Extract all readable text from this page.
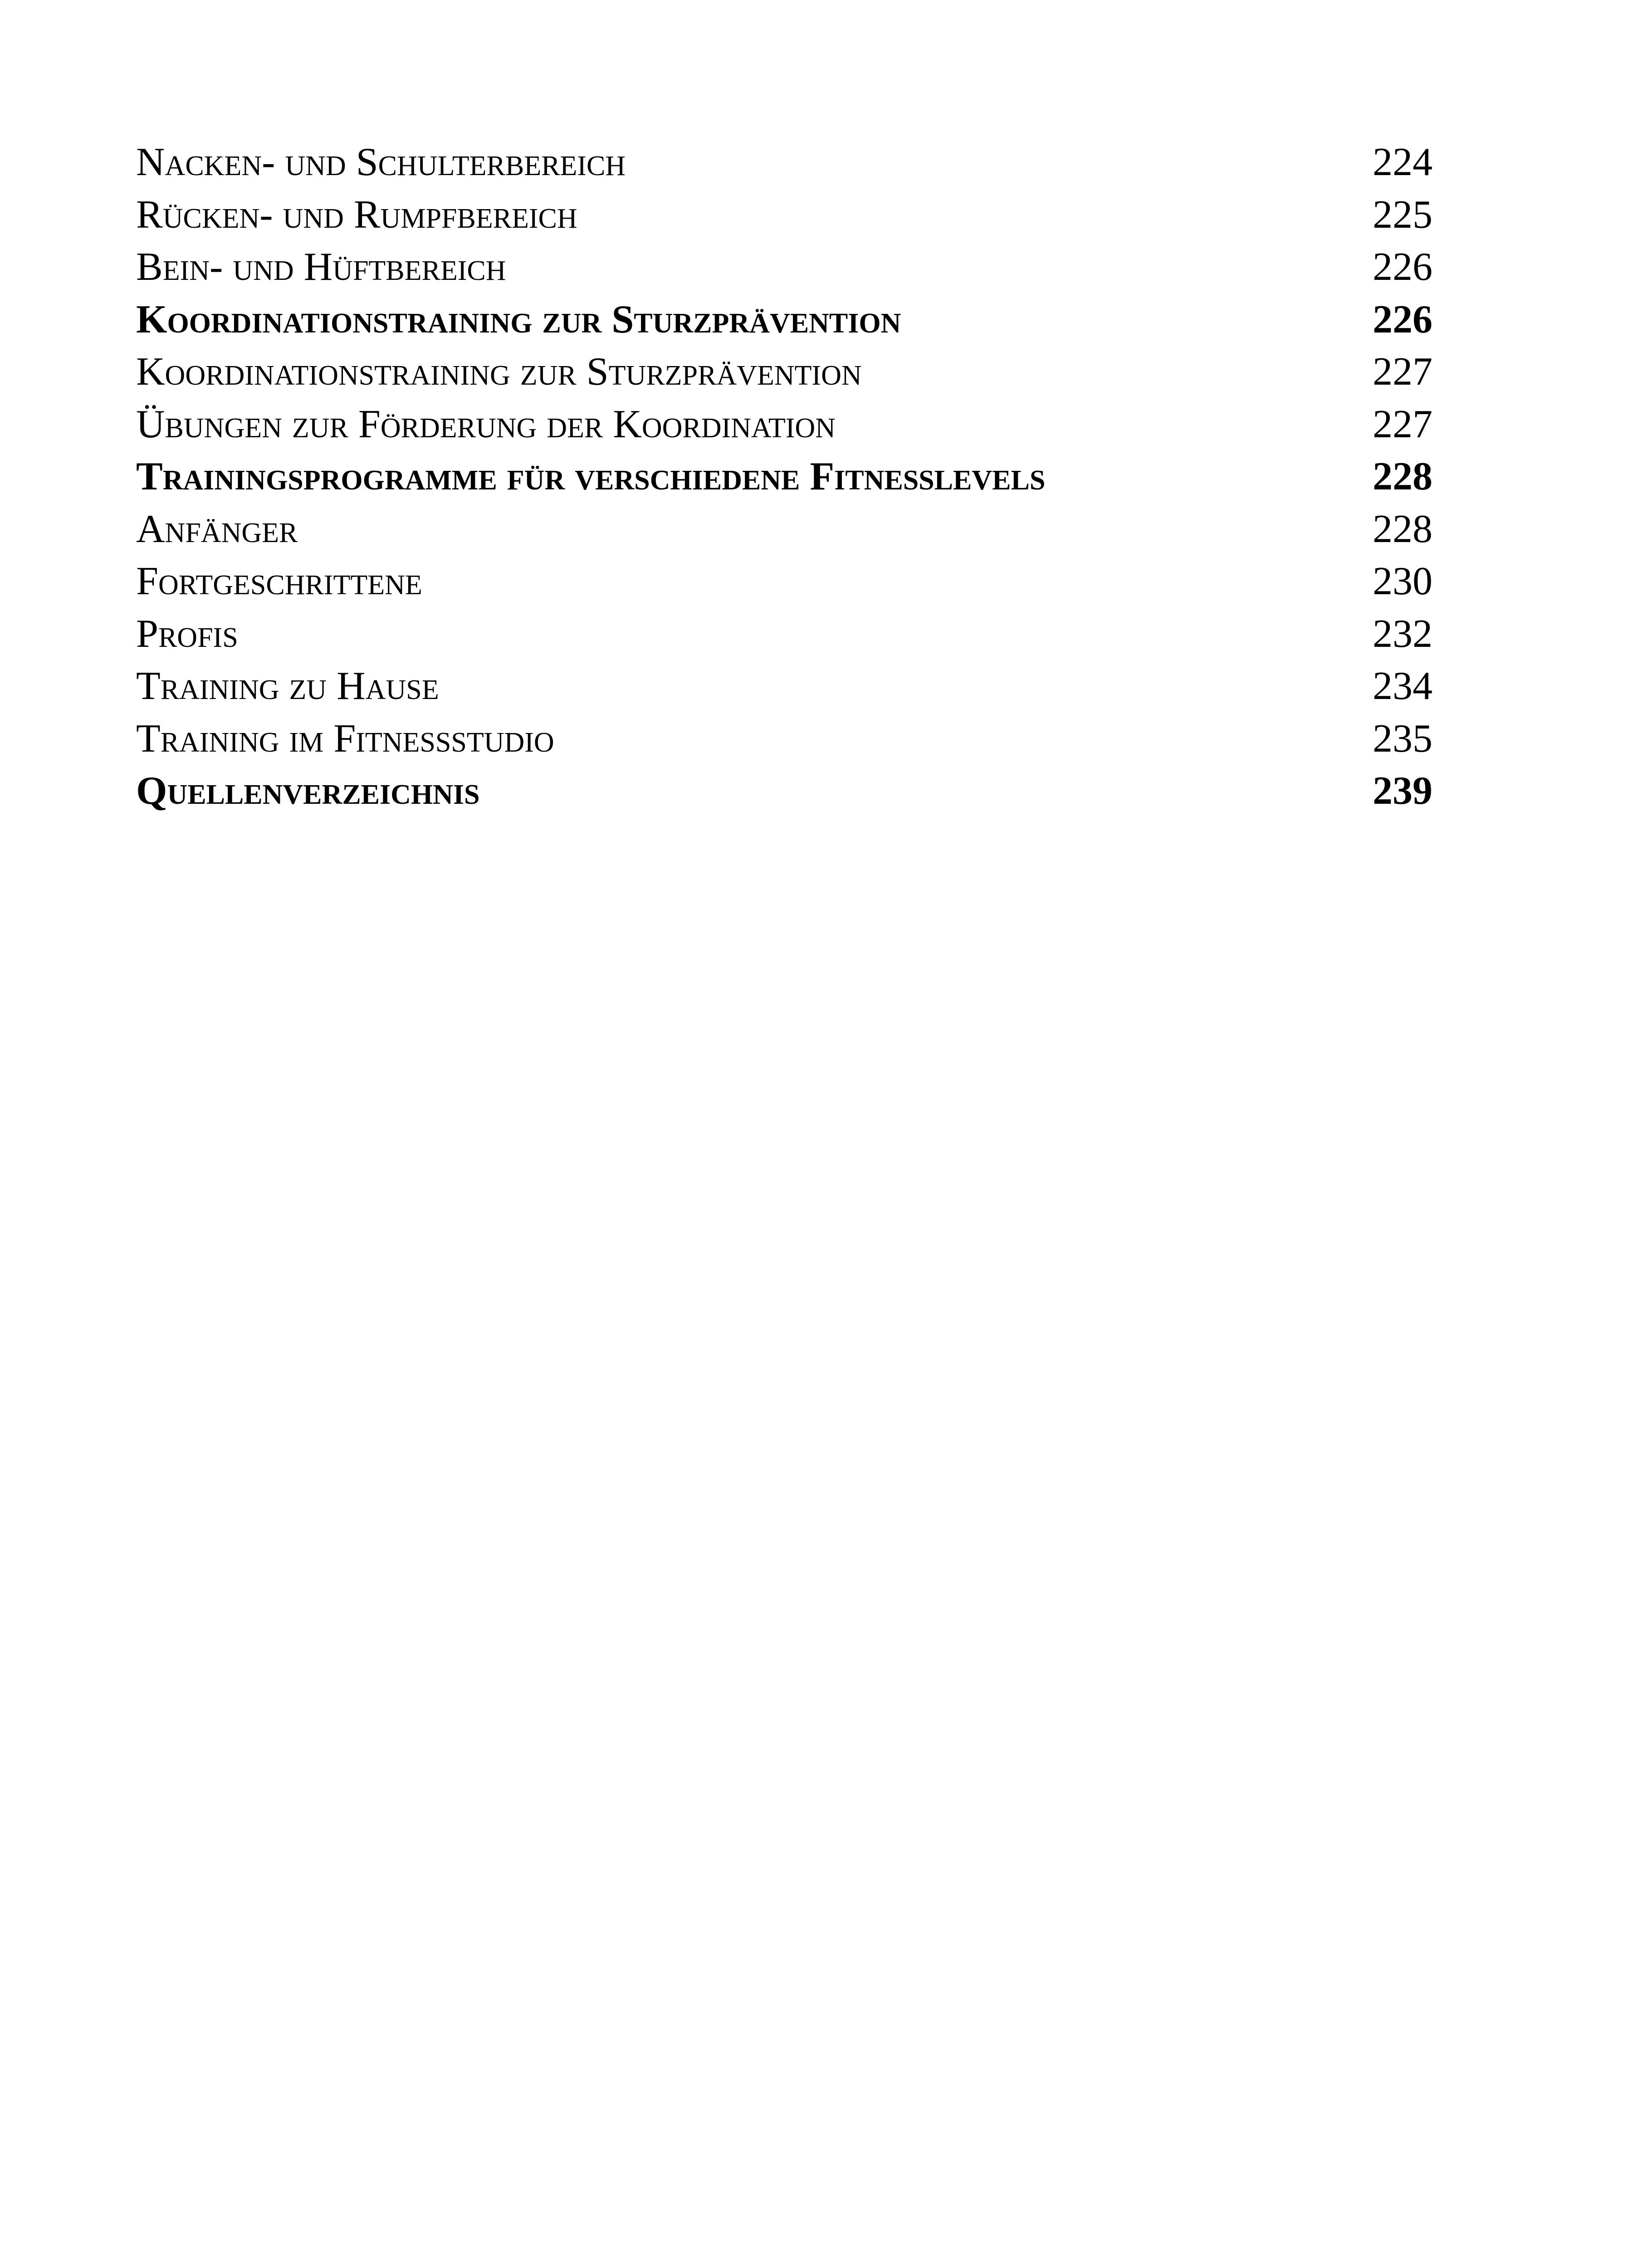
Nacken- und Schulterbereich	224
Rücken- und Rumpfbereich	225
Bein- und Hüftbereich	226
Koordinationstraining zur Sturzprävention	226
Koordinationstraining zur Sturzprävention	227
Übungen zur Förderung der Koordination	227
Trainingsprogramme für verschiedene Fitnesslevels	228
Anfänger	228
Fortgeschrittene	230
Profis	232
Training zu Hause	234
Training im Fitnessstudio	235
Quellenverzeichnis	239
